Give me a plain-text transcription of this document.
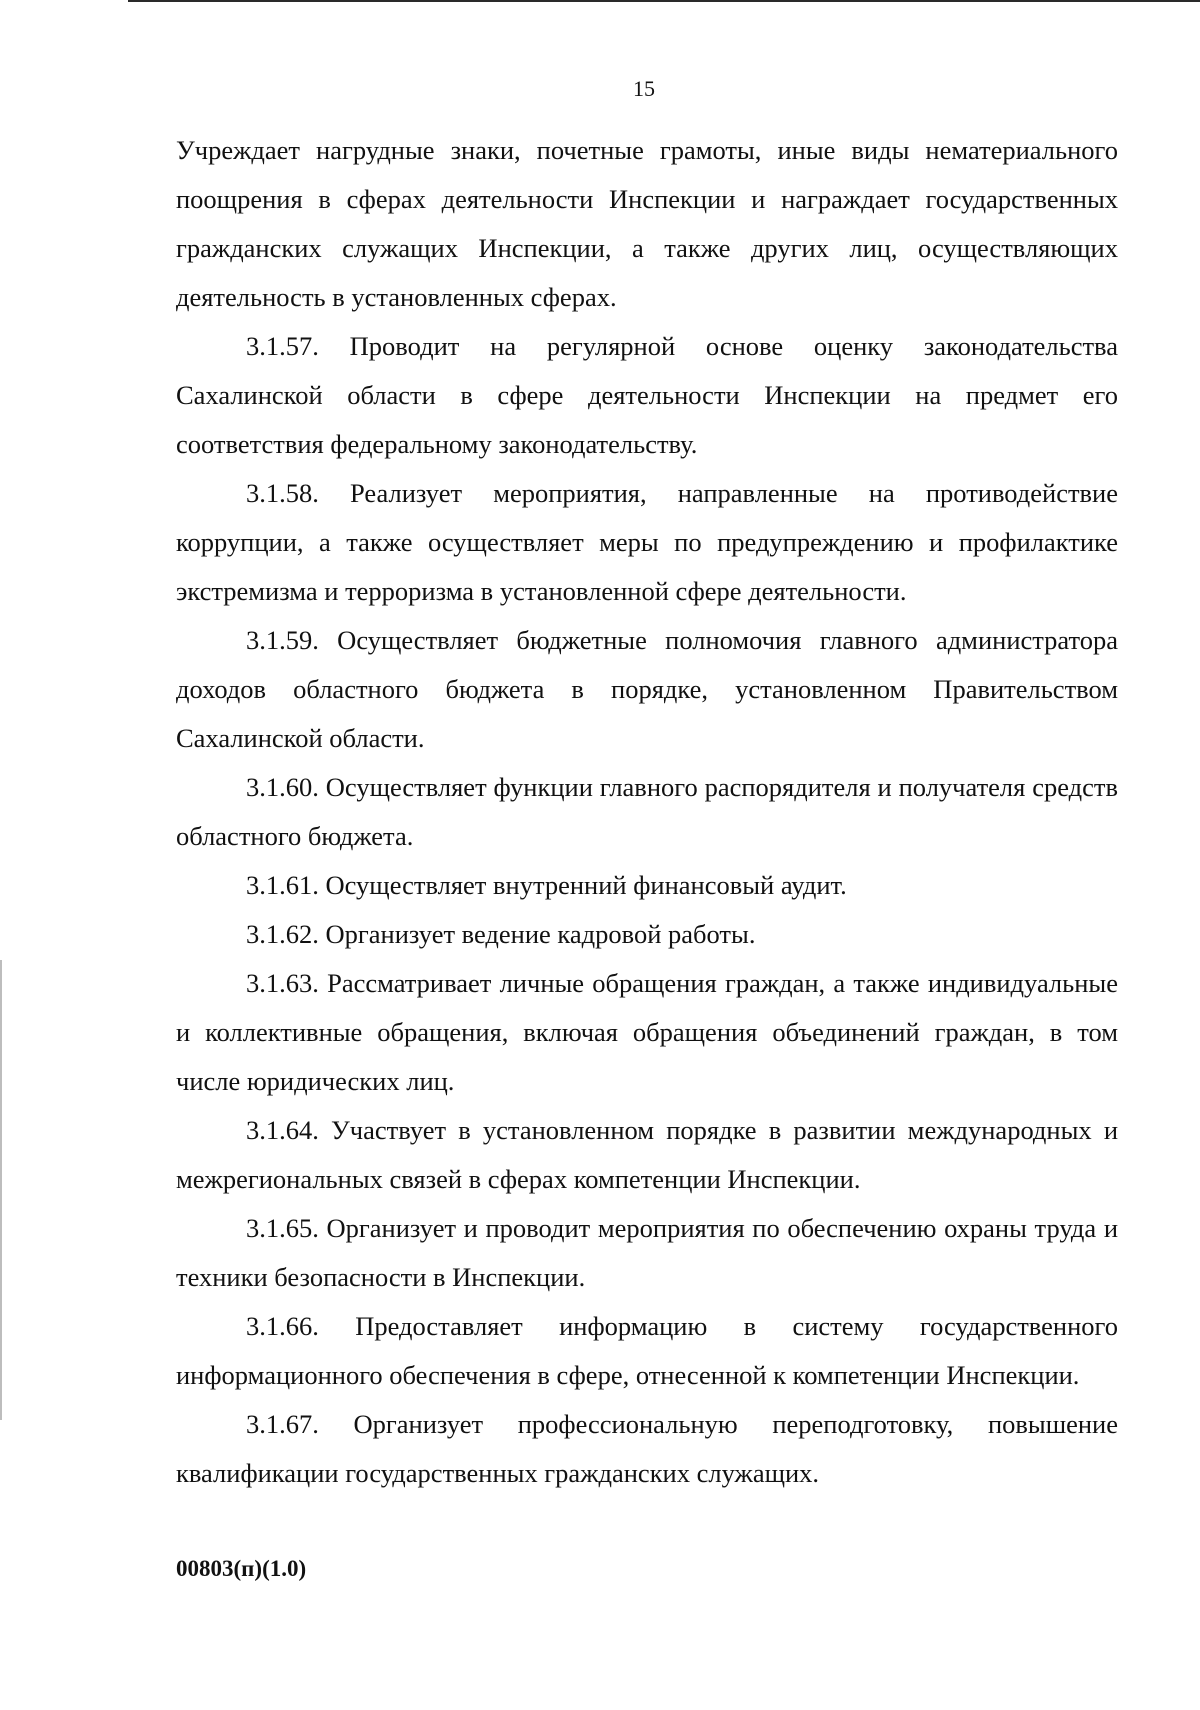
15

Учреждает нагрудные знаки, почетные грамоты, иные виды нематериального поощрения в сферах деятельности Инспекции и награждает государственных гражданских служащих Инспекции, а также других лиц, осуществляющих деятельность в установленных сферах.

3.1.57. Проводит на регулярной основе оценку законодательства Сахалинской области в сфере деятельности Инспекции на предмет его соответствия федеральному законодательству.

3.1.58. Реализует мероприятия, направленные на противодействие коррупции, а также осуществляет меры по предупреждению и профилактике экстремизма и терроризма в установленной сфере деятельности.

3.1.59. Осуществляет бюджетные полномочия главного администратора доходов областного бюджета в порядке, установленном Правительством Сахалинской области.

3.1.60. Осуществляет функции главного распорядителя и получателя средств областного бюджета.

3.1.61. Осуществляет внутренний финансовый аудит.

3.1.62. Организует ведение кадровой работы.

3.1.63. Рассматривает личные обращения граждан, а также индивидуальные и коллективные обращения, включая обращения объединений граждан, в том числе юридических лиц.

3.1.64. Участвует в установленном порядке в развитии международных и межрегиональных связей в сферах компетенции Инспекции.

3.1.65. Организует и проводит мероприятия по обеспечению охраны труда и техники безопасности в Инспекции.

3.1.66. Предоставляет информацию в систему государственного информационного обеспечения в сфере, отнесенной к компетенции Инспекции.

3.1.67. Организует профессиональную переподготовку, повышение квалификации государственных гражданских служащих.

00803(п)(1.0)
